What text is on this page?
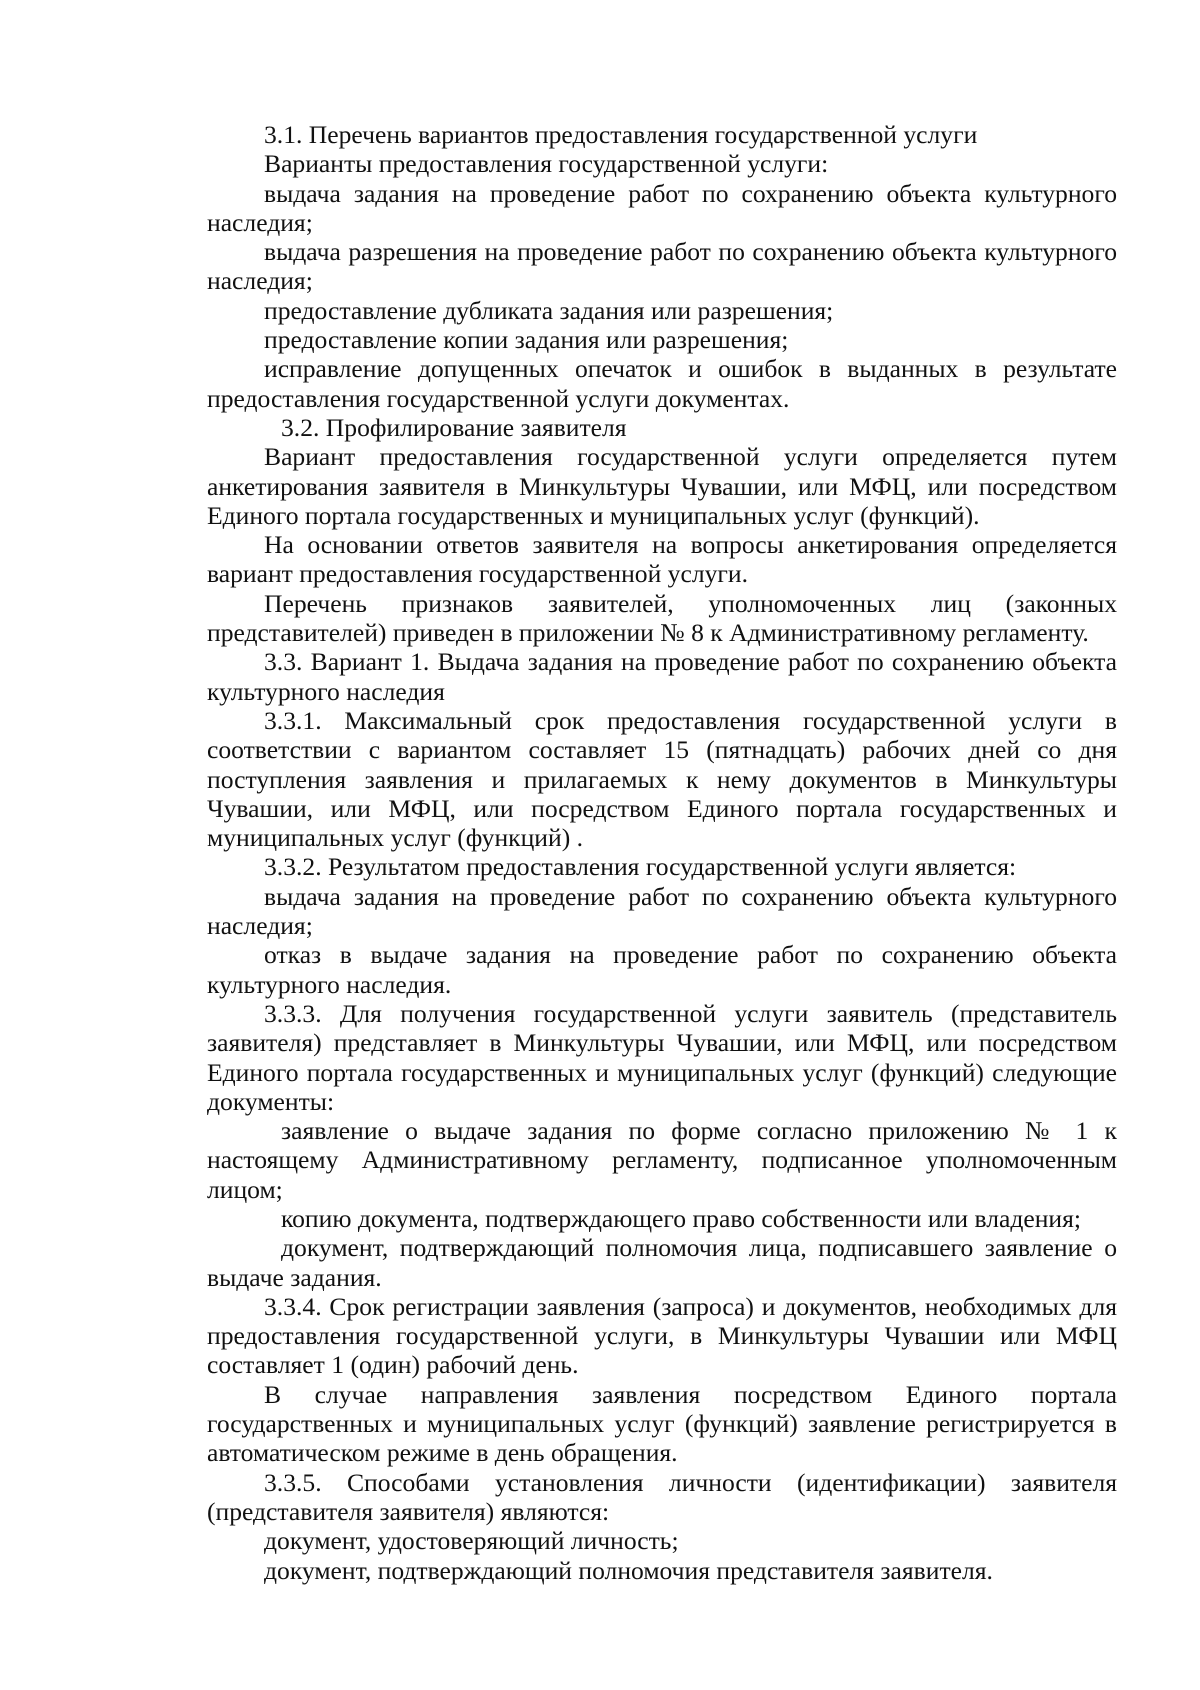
3.1. Перечень вариантов предоставления государственной услуги

Варианты предоставления государственной услуги:

выдача задания на проведение работ по сохранению объекта культурного наследия;

выдача разрешения на проведение работ по сохранению объекта культурного наследия;

предоставление дубликата задания или разрешения;

предоставление копии задания или разрешения;

исправление допущенных опечаток и ошибок в выданных в результате предоставления государственной услуги документах.

3.2. Профилирование заявителя

Вариант предоставления государственной услуги определяется путем анкетирования заявителя в Минкультуры Чувашии, или МФЦ, или посредством Единого портала государственных и муниципальных услуг (функций).

На основании ответов заявителя на вопросы анкетирования определяется вариант предоставления государственной услуги.

Перечень признаков заявителей, уполномоченных лиц (законных представителей) приведен в приложении № 8 к Административному регламенту.

3.3. Вариант 1. Выдача задания на проведение работ по сохранению объекта культурного наследия

3.3.1. Максимальный срок предоставления государственной услуги в соответствии с вариантом составляет 15 (пятнадцать) рабочих дней со дня поступления заявления и прилагаемых к нему документов в Минкультуры Чувашии, или МФЦ, или посредством Единого портала государственных и муниципальных услуг (функций) .

3.3.2. Результатом предоставления государственной услуги является:

выдача задания на проведение работ по сохранению объекта культурного наследия;

отказ в выдаче задания на проведение работ по сохранению объекта культурного наследия.

3.3.3. Для получения государственной услуги заявитель (представитель заявителя) представляет в Минкультуры Чувашии, или МФЦ, или посредством Единого портала государственных и муниципальных услуг (функций) следующие документы:

заявление о выдаче задания по форме согласно приложению № 1 к настоящему Административному регламенту, подписанное уполномоченным лицом;

копию документа, подтверждающего право собственности или владения;

документ, подтверждающий полномочия лица, подписавшего заявление о выдаче задания.

3.3.4. Срок регистрации заявления (запроса) и документов, необходимых для предоставления государственной услуги, в Минкультуры Чувашии или МФЦ составляет 1 (один) рабочий день.

В случае направления заявления посредством Единого портала государственных и муниципальных услуг (функций) заявление регистрируется в автоматическом режиме в день обращения.

3.3.5. Способами установления личности (идентификации) заявителя (представителя заявителя) являются:

документ, удостоверяющий личность;

документ, подтверждающий полномочия представителя заявителя.
